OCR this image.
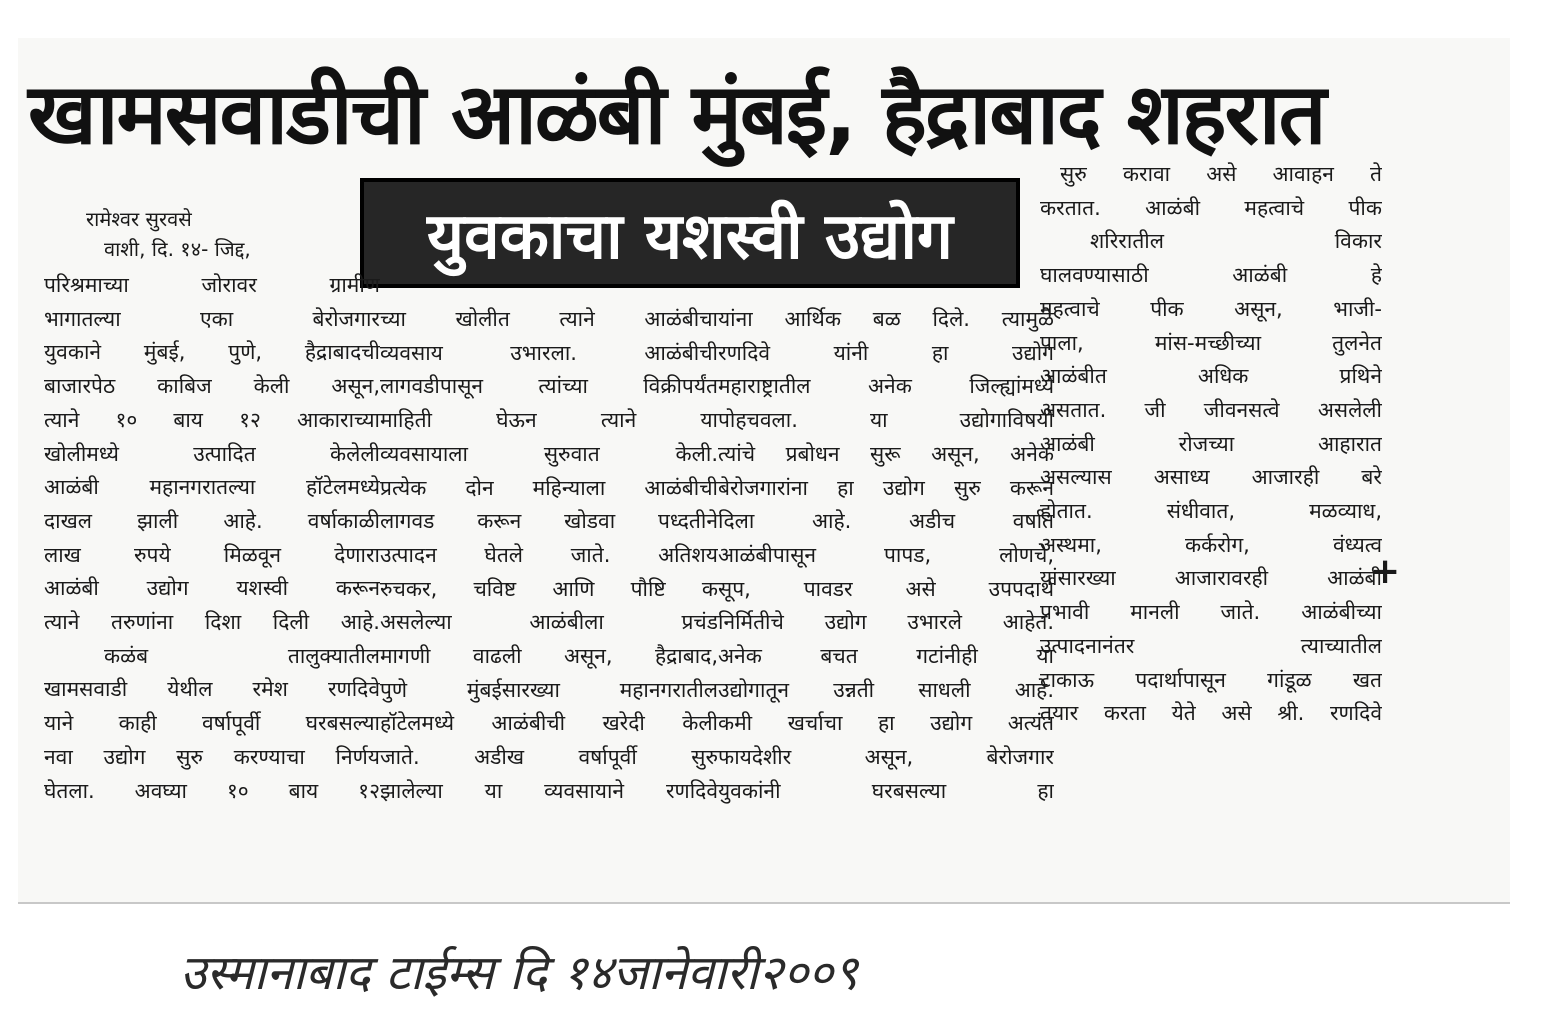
खामसवाडीची आळंबी मुंबई, हैद्राबाद शहरात
युवकाचा यशस्वी उद्योग
रामेश्वर सुरवसे
वाशी, दि. १४- जिद्द,
परिश्रमाच्या जोरावर ग्रामीण
भागातल्या एका बेरोजगार
युवकाने मुंबई, पुणे, हैद्राबादची
बाजारपेठ काबिज केली असून,
त्याने १० बाय १२ आकाराच्या
खोलीमध्ये उत्पादित केलेली
आळंबी महानगरातल्या हॉटेलमध्ये
दाखल झाली आहे. वर्षाकाळी
लाख रुपये मिळवून देणारा
आळंबी उद्योग यशस्वी करून
त्याने तरुणांना दिशा दिली आहे.
कळंब तालुक्यातील
खामसवाडी येथील रमेश रणदिवे
याने काही वर्षापूर्वी घरबसल्या
नवा उद्योग सुरु करण्याचा निर्णय
घेतला. अवघ्या १० बाय १२
च्या खोलीत त्याने आळंबीचा
व्यवसाय उभारला. आळंबीची
लागवडीपासून त्यांच्या विक्रीपर्यंत
माहिती घेऊन त्याने या
व्यवसायाला सुरुवात केली.
प्रत्येक दोन महिन्याला आळंबीची
लागवड करून खोडवा पध्दतीने
उत्पादन घेतले जाते. अतिशय
रुचकर, चविष्ट आणि पौष्टि क
असलेल्या आळंबीला प्रचंड
मागणी वाढली असून, हैद्राबाद,
पुणे मुंबईसारख्या महानगरातील
हॉटेलमध्ये आळंबीची खरेदी केली
जाते. अडीख वर्षापूर्वी सुरु
झालेल्या या व्यवसायाने रणदिवे
यांना आर्थिक बळ दिले. त्यामुळे
रणदिवे यांनी हा उद्योग
महाराष्ट्रातील अनेक जिल्ह्यांमध्ये
पोहचवला. या उद्योगाविषयी
त्यांचे प्रबोधन सुरू असून, अनेक
बेरोजगारांना हा उद्योग सुरु करून
दिला आहे. अडीच वर्षात
आळंबीपासून पापड, लोणचे,
सूप, पावडर असे उपपदार्थ
निर्मितीचे उद्योग उभारले आहेत.
अनेक बचत गटांनीही या
उद्योगातून उन्नती साधली आहे.
कमी खर्चाचा हा उद्योग अत्यंत
फायदेशीर असून, बेरोजगार
युवकांनी घरबसल्या हा
सुरु करावा असे आवाहन ते
करतात. आळंबी महत्वाचे पीक
शरिरातील विकार
घालवण्यासाठी आळंबी हे
महत्वाचे पीक असून, भाजी-
पाला, मांस-मच्छीच्या तुलनेत
आळंबीत अधिक प्रथिने
असतात. जी जीवनसत्वे असलेली
आळंबी रोजच्या आहारात
असल्यास असाध्य आजारही बरे
होतात. संधीवात, मळव्याध,
अस्थमा, कर्करोग, वंध्यत्व
यांसारख्या आजारावरही आळंबी
प्रभावी मानली जाते. आळंबीच्या
उत्पादनानंतर त्याच्यातील
टाकाऊ पदार्थापासून गांडूळ खत
तयार करता येते असे श्री. रणदिवे
+
उस्मानाबाद टाईम्स दि १४जानेवारी२००९
